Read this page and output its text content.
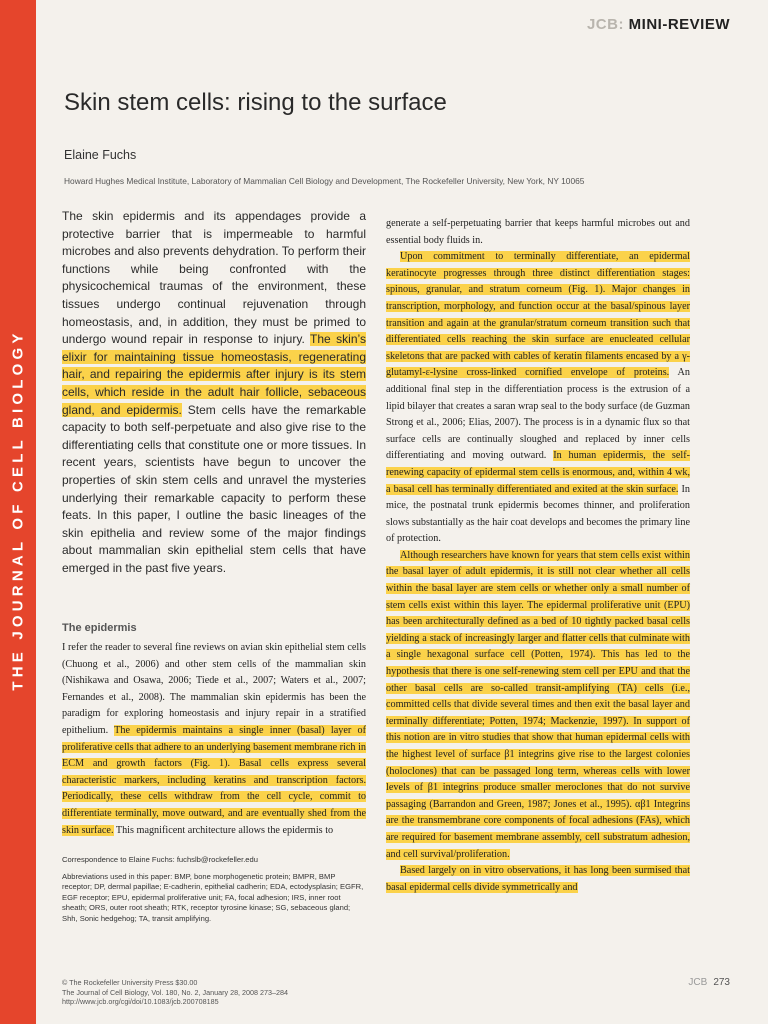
THE JOURNAL OF CELL BIOLOGY
JCB: MINI-REVIEW
Skin stem cells: rising to the surface
Elaine Fuchs
Howard Hughes Medical Institute, Laboratory of Mammalian Cell Biology and Development, The Rockefeller University, New York, NY 10065
The skin epidermis and its appendages provide a protective barrier that is impermeable to harmful microbes and also prevents dehydration. To perform their functions while being confronted with the physicochemical traumas of the environment, these tissues undergo continual rejuvenation through homeostasis, and, in addition, they must be primed to undergo wound repair in response to injury. The skin’s elixir for maintaining tissue homeostasis, regenerating hair, and repairing the epidermis after injury is its stem cells, which reside in the adult hair follicle, sebaceous gland, and epidermis. Stem cells have the remarkable capacity to both self-perpetuate and also give rise to the differentiating cells that constitute one or more tissues. In recent years, scientists have begun to uncover the properties of skin stem cells and unravel the mysteries underlying their remarkable capacity to perform these feats. In this paper, I outline the basic lineages of the skin epithelia and review some of the major findings about mammalian skin epithelial stem cells that have emerged in the past five years.
The epidermis

I refer the reader to several fine reviews on avian skin epithelial stem cells (Chuong et al., 2006) and other stem cells of the mammalian skin (Nishikawa and Osawa, 2006; Tiede et al., 2007; Waters et al., 2007; Fernandes et al., 2008). The mammalian skin epidermis has been the paradigm for exploring homeostasis and injury repair in a stratified epithelium. The epidermis maintains a single inner (basal) layer of proliferative cells that adhere to an underlying basement membrane rich in ECM and growth factors (Fig. 1). Basal cells express several characteristic markers, including keratins and transcription factors. Periodically, these cells withdraw from the cell cycle, commit to differentiate terminally, move outward, and are eventually shed from the skin surface. This magnificent architecture allows the epidermis to

Correspondence to Elaine Fuchs: fuchslb@rockefeller.edu
Abbreviations used in this paper: BMP, bone morphogenetic protein; BMPR, BMP receptor; DP, dermal papillae; E-cadherin, epithelial cadherin; EDA, ectodysplasin; EGFR, EGF receptor; EPU, epidermal proliferative unit; FA, focal adhesion; IRS, inner root sheath; ORS, outer root sheath; RTK, receptor tyrosine kinase; SG, sebaceous gland; Shh, Sonic hedgehog; TA, transit amplifying.
© The Rockefeller University Press $30.00
The Journal of Cell Biology, Vol. 180, No. 2, January 28, 2008 273–284
http://www.jcb.org/cgi/doi/10.1083/jcb.200708185

generate a self-perpetuating barrier that keeps harmful microbes out and essential body fluids in.

Upon commitment to terminally differentiate, an epidermal keratinocyte progresses through three distinct differentiation stages: spinous, granular, and stratum corneum (Fig. 1). Major changes in transcription, morphology, and function occur at the basal/spinous layer transition and again at the granular/stratum corneum transition such that differentiated cells reaching the skin surface are enucleated cellular skeletons that are packed with cables of keratin filaments encased by a γ-glutamyl-ε-lysine cross-linked cornified envelope of proteins. An additional final step in the differentiation process is the extrusion of a lipid bilayer that creates a saran wrap seal to the body surface (de Guzman Strong et al., 2006; Elias, 2007). The process is in a dynamic flux so that surface cells are continually sloughed and replaced by inner cells differentiating and moving outward. In human epidermis, the self-renewing capacity of epidermal stem cells is enormous, and, within 4 wk, a basal cell has terminally differentiated and exited at the skin surface. In mice, the postnatal trunk epidermis becomes thinner, and proliferation slows substantially as the hair coat develops and becomes the primary line of protection.

Although researchers have known for years that stem cells exist within the basal layer of adult epidermis, it is still not clear whether all cells within the basal layer are stem cells or whether only a small number of stem cells exist within this layer. The epidermal proliferative unit (EPU) has been architecturally defined as a bed of 10 tightly packed basal cells yielding a stack of increasingly larger and flatter cells that culminate with a single hexagonal surface cell (Potten, 1974). This has led to the hypothesis that there is one self-renewing stem cell per EPU and that the other basal cells are so-called transit-amplifying (TA) cells (i.e., committed cells that divide several times and then exit the basal layer and terminally differentiate; Potten, 1974; Mackenzie, 1997). In support of this notion are in vitro studies that show that human epidermal cells with the highest level of surface β1 integrins give rise to the largest colonies (holoclones) that can be passaged long term, whereas cells with lower levels of β1 integrins produce smaller meroclones that do not survive passaging (Barrandon and Green, 1987; Jones et al., 1995). αβ1 Integrins are the transmembrane core components of focal adhesions (FAs), which are required for basement membrane assembly, cell substratum adhesion, and cell survival/proliferation.

Based largely on in vitro observations, it has long been surmised that basal epidermal cells divide symmetrically and

JCB 273
